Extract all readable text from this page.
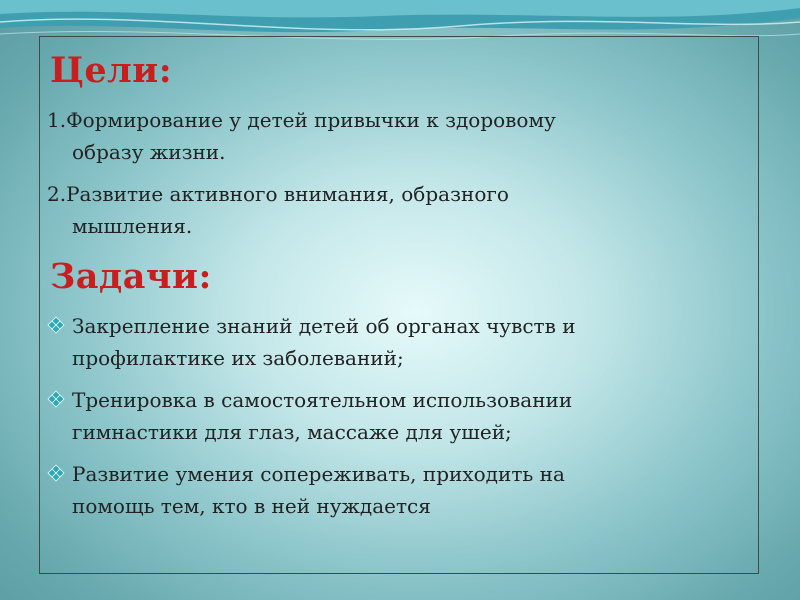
Цели:

1.Формирование у детей привычки к здоровому
образу жизни.

2.Развитие активного внимания, образного
мышления.

Задачи:

Закрепление знаний детей об органах чувств и
профилактике их заболеваний;

Тренировка в самостоятельном использовании
гимнастики для глаз, массаже для ушей;

Развитие умения сопереживать, приходить на
помощь тем, кто в ней нуждается
